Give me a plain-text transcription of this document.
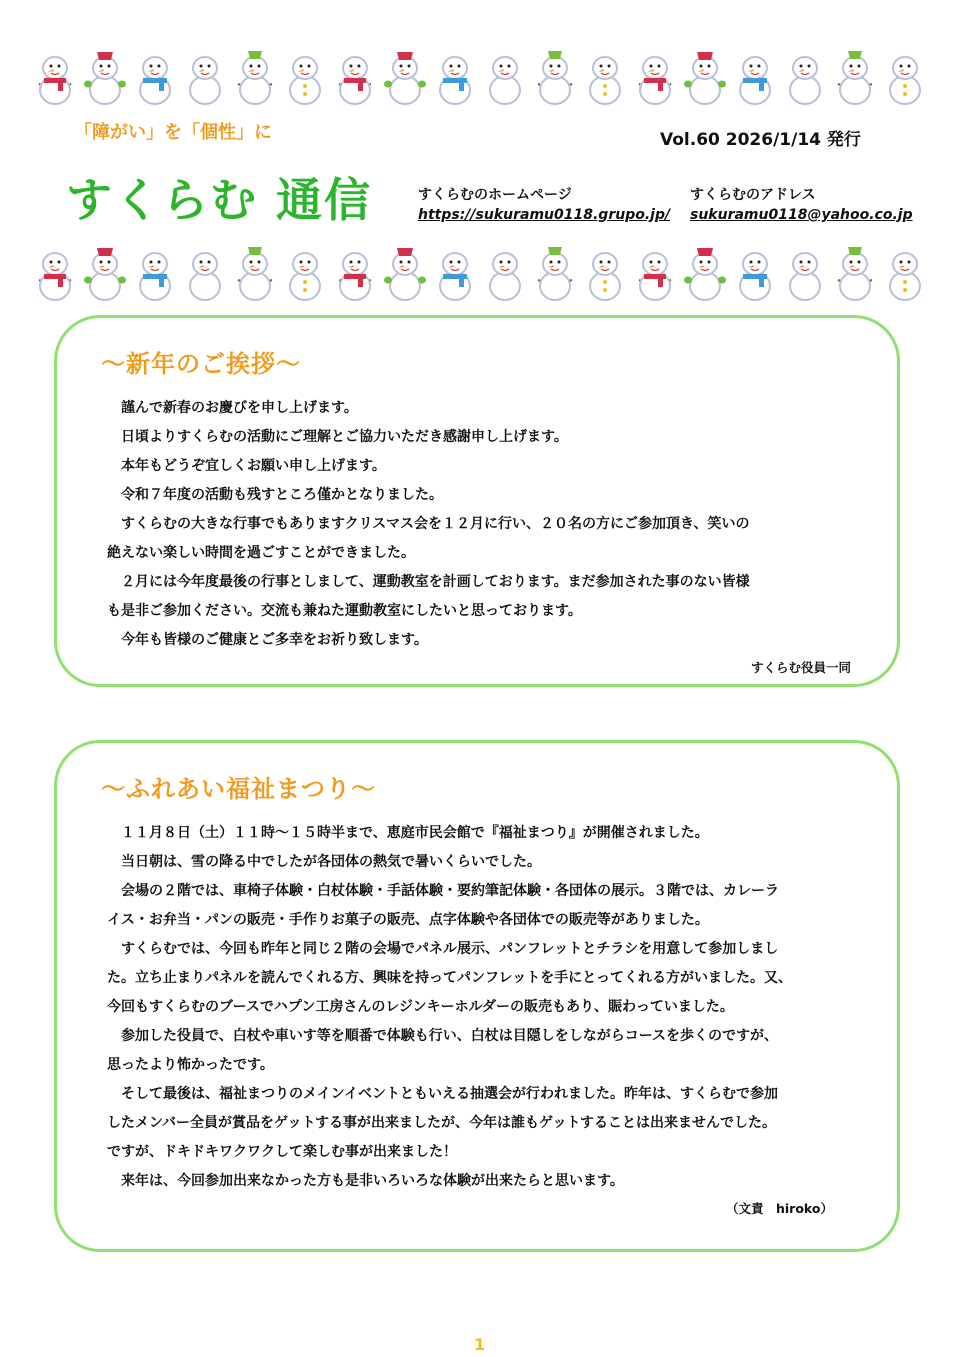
「障がい」を「個性」に	Vol.60 2026/1/14 発行
すくらむ 通信	すくらむのホームページ
https://sukuramu0118.grupo.jp/
すくらむのアドレス
sukuramu0118@yahoo.co.jp
～新年のご挨拶～

　謹んで新春のお慶びを申し上げます。

　日頃よりすくらむの活動にご理解とご協力いただき感謝申し上げます。

　本年もどうぞ宜しくお願い申し上げます。

　令和７年度の活動も残すところ僅かとなりました。

　すくらむの大きな行事でもありますクリスマス会を１２月に行い、２０名の方にご参加頂き、笑いの

絶えない楽しい時間を過ごすことができました。

　２月には今年度最後の行事としまして、運動教室を計画しております。まだ参加された事のない皆様

も是非ご参加ください。交流も兼ねた運動教室にしたいと思っております。

　今年も皆様のご健康とご多幸をお祈り致します。

すくらむ役員一同
～ふれあい福祉まつり～

　１１月８日（土）１１時～１５時半まで、恵庭市民会館で『福祉まつり』が開催されました。

　当日朝は、雪の降る中でしたが各団体の熱気で暑いくらいでした。

　会場の２階では、車椅子体験・白杖体験・手話体験・要約筆記体験・各団体の展示。３階では、カレーラ

イス・お弁当・パンの販売・手作りお菓子の販売、点字体験や各団体での販売等がありました。

　すくらむでは、今回も昨年と同じ２階の会場でパネル展示、パンフレットとチラシを用意して参加しまし

た。立ち止まりパネルを読んでくれる方、興味を持ってパンフレットを手にとってくれる方がいました。又、

今回もすくらむのブースでハプン工房さんのレジンキーホルダーの販売もあり、賑わっていました。

　参加した役員で、白杖や車いす等を順番で体験も行い、白杖は目隠しをしながらコースを歩くのですが、

思ったより怖かったです。

　そして最後は、福祉まつりのメインイベントともいえる抽選会が行われました。昨年は、すくらむで参加

したメンバー全員が賞品をゲットする事が出来ましたが、今年は誰もゲットすることは出来ませんでした。

ですが、ドキドキワクワクして楽しむ事が出来ました！

　来年は、今回参加出来なかった方も是非いろいろな体験が出来たらと思います。

（文責　hiroko）
1
